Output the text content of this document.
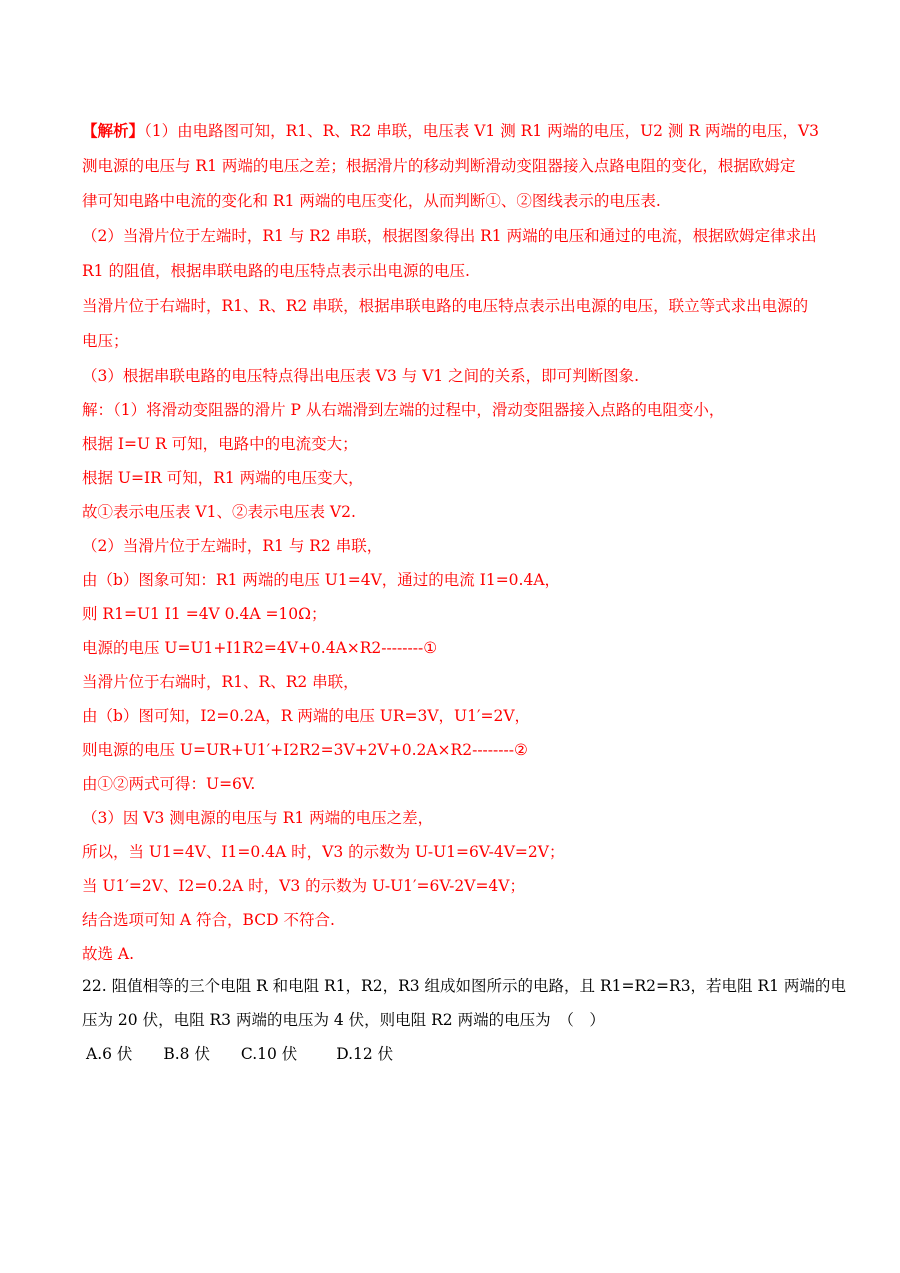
【解析】（1）由电路图可知，R1、R、R2 串联，电压表 V1 测 R1 两端的电压，U2 测 R 两端的电压，V3
测电源的电压与 R1 两端的电压之差；根据滑片的移动判断滑动变阻器接入点路电阻的变化，根据欧姆定
律可知电路中电流的变化和 R1 两端的电压变化，从而判断①、②图线表示的电压表.
（2）当滑片位于左端时，R1 与 R2 串联，根据图象得出 R1 两端的电压和通过的电流，根据欧姆定律求出
R1 的阻值，根据串联电路的电压特点表示出电源的电压.
当滑片位于右端时，R1、R、R2 串联，根据串联电路的电压特点表示出电源的电压，联立等式求出电源的
电压；
（3）根据串联电路的电压特点得出电压表 V3 与 V1 之间的关系，即可判断图象.
解：（1）将滑动变阻器的滑片 P 从右端滑到左端的过程中，滑动变阻器接入点路的电阻变小，
根据 I=U R 可知，电路中的电流变大；
根据 U=IR 可知，R1 两端的电压变大，
故①表示电压表 V1、②表示电压表 V2.
（2）当滑片位于左端时，R1 与 R2 串联，
由（b）图象可知：R1 两端的电压 U1=4V，通过的电流 I1=0.4A，
则 R1=U1 I1 =4V 0.4A =10Ω；
电源的电压 U=U1+I1R2=4V+0.4A×R2--------①
当滑片位于右端时，R1、R、R2 串联，
由（b）图可知，I2=0.2A，R 两端的电压 UR=3V，U1′=2V，
则电源的电压 U=UR+U1′+I2R2=3V+2V+0.2A×R2--------②
由①②两式可得：U=6V.
（3）因 V3 测电源的电压与 R1 两端的电压之差，
所以，当 U1=4V、I1=0.4A 时，V3 的示数为 U-U1=6V-4V=2V；
当 U1′=2V、I2=0.2A 时，V3 的示数为 U-U1′=6V-2V=4V；
结合选项可知 A 符合，BCD 不符合.
故选 A.
22. 阻值相等的三个电阻 R 和电阻 R1，R2，R3 组成如图所示的电路，且 R1=R2=R3，若电阻 R1 两端的电
压为 20 伏，电阻 R3 两端的电压为 4 伏，则电阻 R2 两端的电压为　（　）
A.6 伏 B.8 伏 C.10 伏	D.12 伏
